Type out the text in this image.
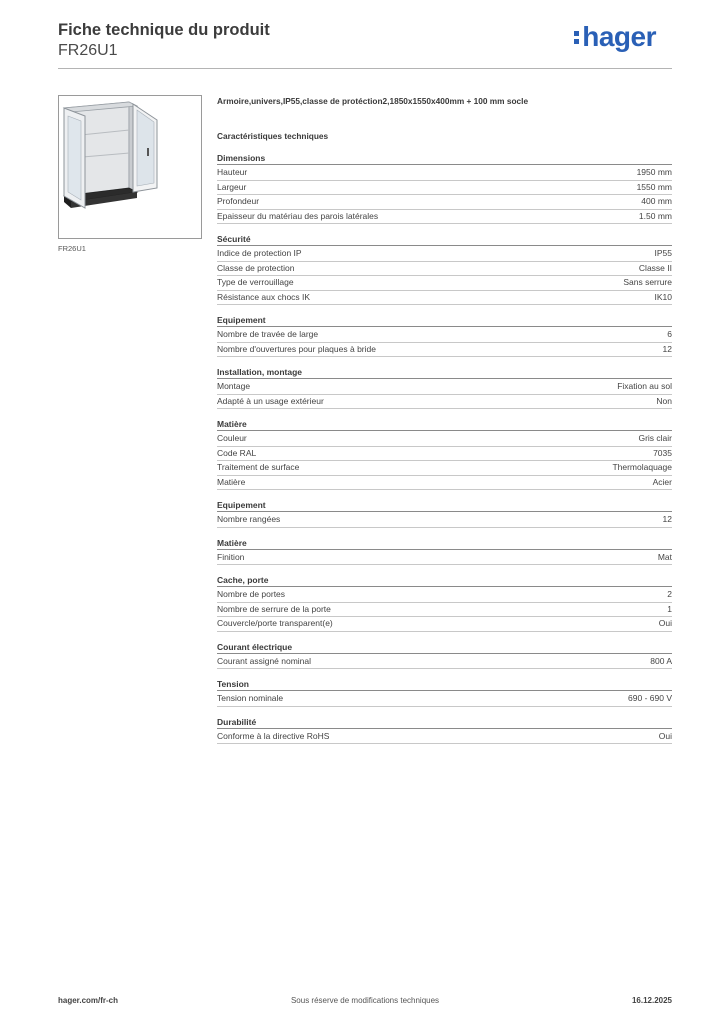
Fiche technique du produit
FR26U1	hager
FR26U1
Armoire,univers,IP55,classe de protéction2,1850x1550x400mm + 100 mm socle
Caractéristiques techniques
Dimensions
Hauteur	1950 mm
Largeur	1550 mm
Profondeur	400 mm
Epaisseur du matériau des parois latérales	1.50 mm
Sécurité
Indice de protection IP	IP55
Classe de protection	Classe II
Type de verrouillage	Sans serrure
Résistance aux chocs IK	IK10
Equipement
Nombre de travée de large	6
Nombre d'ouvertures pour plaques à bride	12
Installation, montage
Montage	Fixation au sol
Adapté à un usage extérieur	Non
Matière
Couleur	Gris clair
Code RAL	7035
Traitement de surface	Thermolaquage
Matière	Acier
Equipement
Nombre rangées	12
Matière
Finition	Mat
Cache, porte
Nombre de portes	2
Nombre de serrure de la porte	1
Couvercle/porte transparent(e)	Oui
Courant électrique
Courant assigné nominal	800 A
Tension
Tension nominale	690 - 690 V
Durabilité
Conforme à la directive RoHS	Oui
hager.com/fr-ch	Sous réserve de modifications techniques	16.12.2025
